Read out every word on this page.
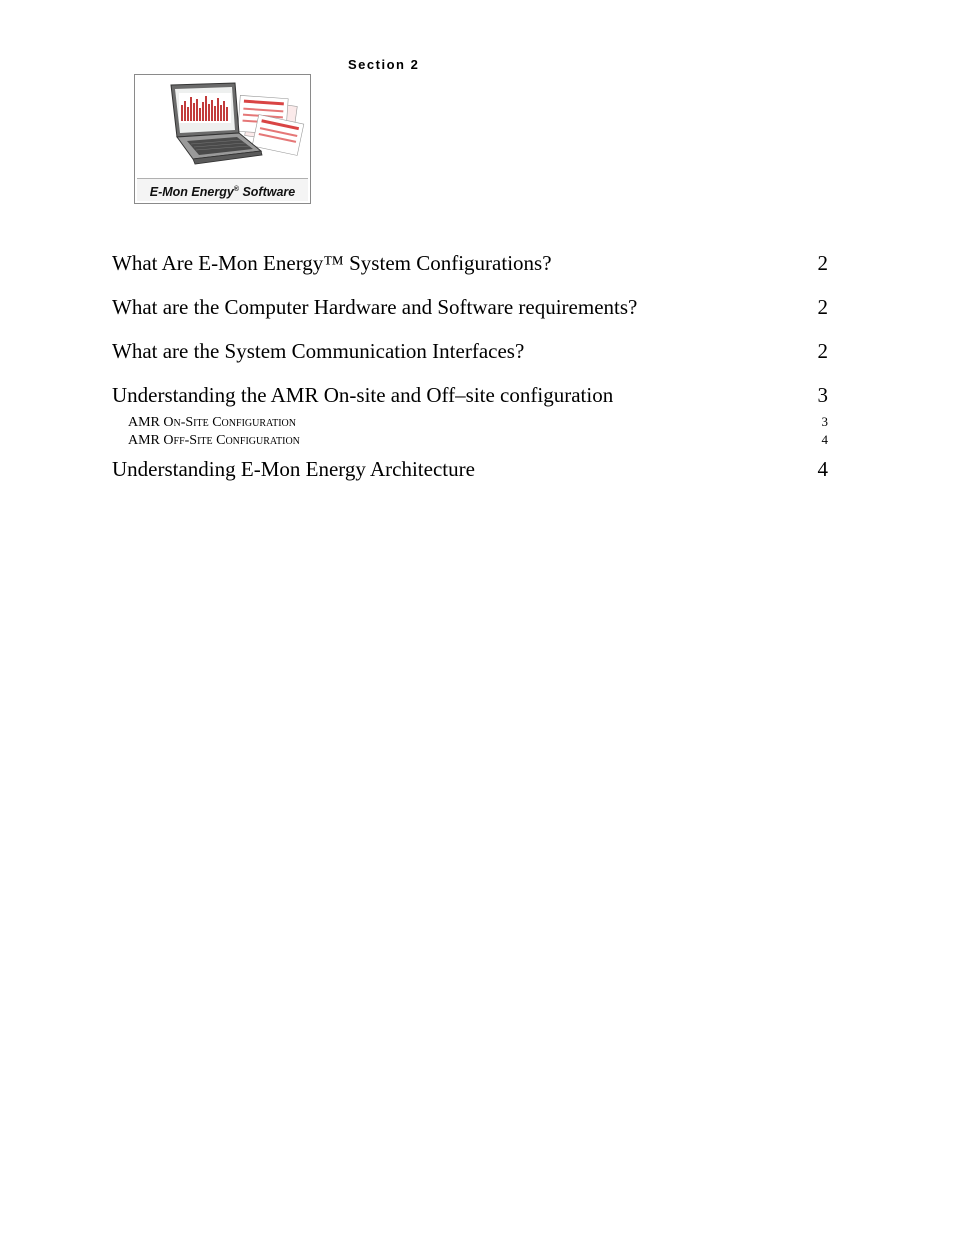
Section 2
E-Mon Energy® Software
What Are E-Mon Energy™ System Configurations?	2
What are the Computer Hardware and Software requirements?	2
What are the System Communication Interfaces?	2
Understanding the AMR On-site and Off–site configuration	3
AMR On-Site Configuration	3
AMR Off-Site Configuration	4
Understanding E-Mon Energy Architecture	4
